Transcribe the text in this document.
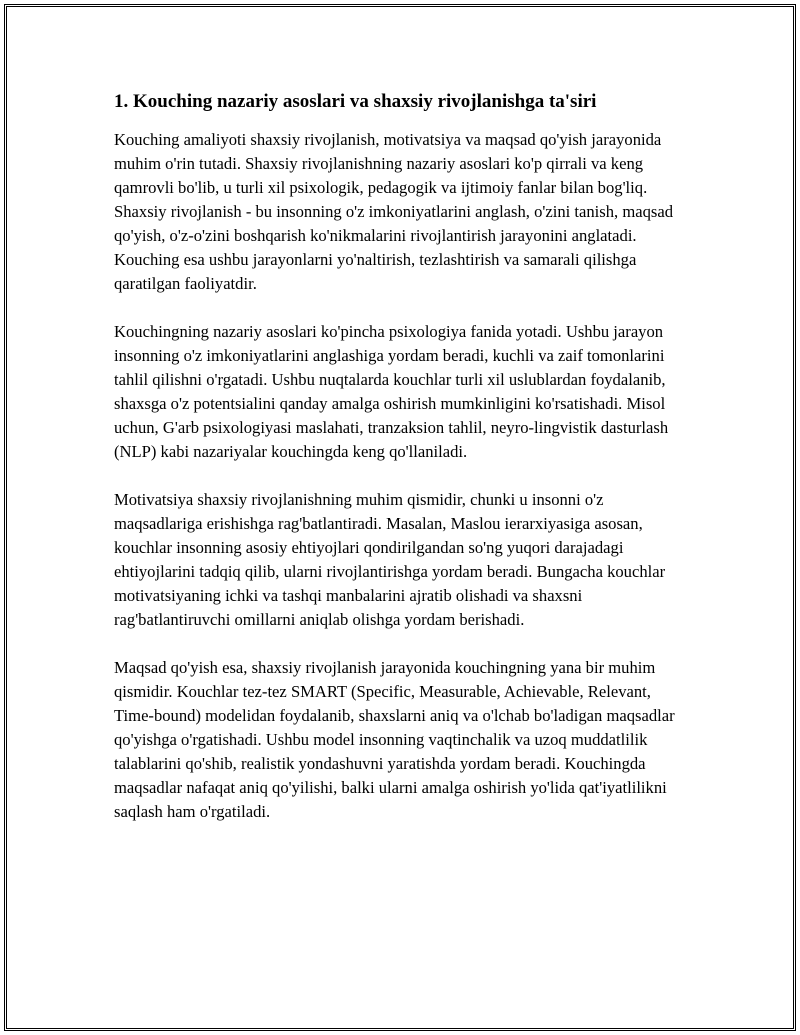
1. Kouching nazariy asoslari va shaxsiy rivojlanishga ta'siri

Kouching amaliyoti shaxsiy rivojlanish, motivatsiya va maqsad qo'yish jarayonida muhim o'rin tutadi. Shaxsiy rivojlanishning nazariy asoslari ko'p qirrali va keng qamrovli bo'lib, u turli xil psixologik, pedagogik va ijtimoiy fanlar bilan bog'liq. Shaxsiy rivojlanish - bu insonning o'z imkoniyatlarini anglash, o'zini tanish, maqsad qo'yish, o'z-o'zini boshqarish ko'nikmalarini rivojlantirish jarayonini anglatadi. Kouching esa ushbu jarayonlarni yo'naltirish, tezlashtirish va samarali qilishga qaratilgan faoliyatdir.

Kouchingning nazariy asoslari ko'pincha psixologiya fanida yotadi. Ushbu jarayon insonning o'z imkoniyatlarini anglashiga yordam beradi, kuchli va zaif tomonlarini tahlil qilishni o'rgatadi. Ushbu nuqtalarda kouchlar turli xil uslublardan foydalanib, shaxsga o'z potentsialini qanday amalga oshirish mumkinligini ko'rsatishadi. Misol uchun, G'arb psixologiyasi maslahati, tranzaksion tahlil, neyro-lingvistik dasturlash (NLP) kabi nazariyalar kouchingda keng qo'llaniladi.

Motivatsiya shaxsiy rivojlanishning muhim qismidir, chunki u insonni o'z maqsadlariga erishishga rag'batlantiradi. Masalan, Maslou ierarxiyasiga asosan, kouchlar insonning asosiy ehtiyojlari qondirilgandan so'ng yuqori darajadagi ehtiyojlarini tadqiq qilib, ularni rivojlantirishga yordam beradi. Bungacha kouchlar motivatsiyaning ichki va tashqi manbalarini ajratib olishadi va shaxsni rag'batlantiruvchi omillarni aniqlab olishga yordam berishadi.

Maqsad qo'yish esa, shaxsiy rivojlanish jarayonida kouchingning yana bir muhim qismidir. Kouchlar tez-tez SMART (Specific, Measurable, Achievable, Relevant, Time-bound) modelidan foydalanib, shaxslarni aniq va o'lchab bo'ladigan maqsadlar qo'yishga o'rgatishadi. Ushbu model insonning vaqtinchalik va uzoq muddatlilik talablarini qo'shib, realistik yondashuvni yaratishda yordam beradi. Kouchingda maqsadlar nafaqat aniq qo'yilishi, balki ularni amalga oshirish yo'lida qat'iyatlilikni saqlash ham o'rgatiladi.
